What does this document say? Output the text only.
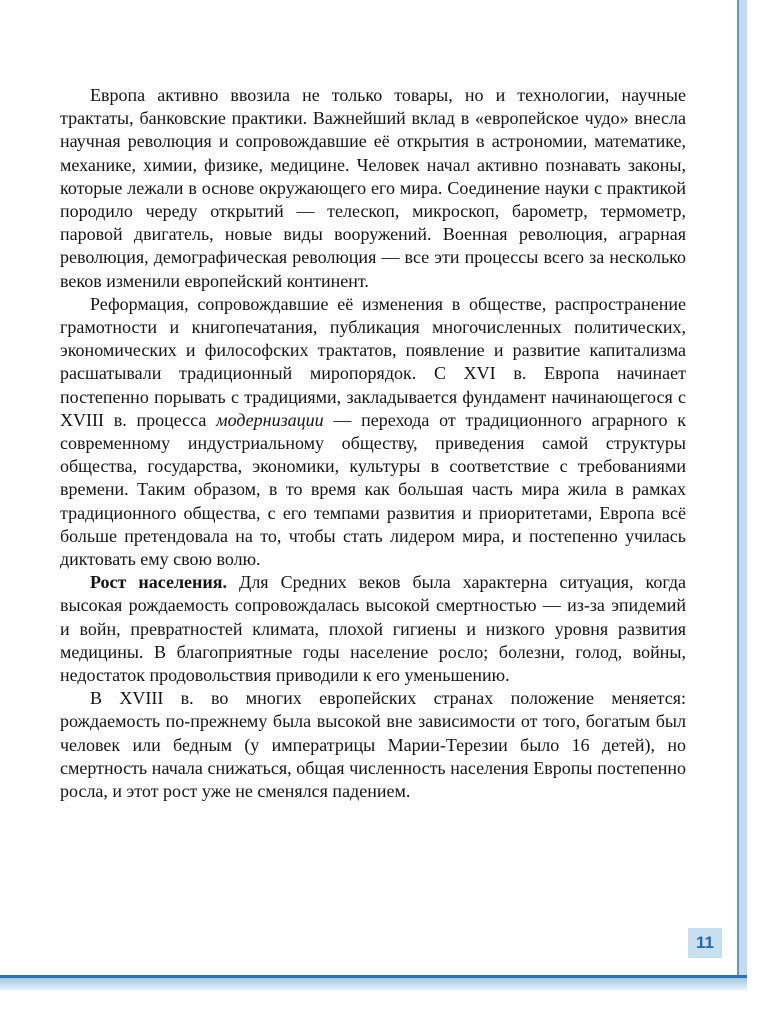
Европа активно ввозила не только товары, но и технологии, научные трактаты, банковские практики. Важнейший вклад в «европейское чудо» внесла научная революция и сопровождавшие её открытия в астрономии, математике, механике, химии, физике, медицине. Человек начал активно познавать законы, которые лежали в основе окружающего его мира. Соединение науки с практикой породило череду открытий — телескоп, микроскоп, барометр, термометр, паровой двигатель, новые виды вооружений. Военная революция, аграрная революция, демографическая революция — все эти процессы всего за несколько веков изменили европейский континент.

Реформация, сопровождавшие её изменения в обществе, распространение грамотности и книгопечатания, публикация многочисленных политических, экономических и философских трактатов, появление и развитие капитализма расшатывали традиционный миропорядок. С XVI в. Европа начинает постепенно порывать с традициями, закладывается фундамент начинающегося с XVIII в. процесса модернизации — перехода от традиционного аграрного к современному индустриальному обществу, приведения самой структуры общества, государства, экономики, культуры в соответствие с требованиями времени. Таким образом, в то время как большая часть мира жила в рамках традиционного общества, с его темпами развития и приоритетами, Европа всё больше претендовала на то, чтобы стать лидером мира, и постепенно училась диктовать ему свою волю.

Рост населения. Для Средних веков была характерна ситуация, когда высокая рождаемость сопровождалась высокой смертностью — из-за эпидемий и войн, превратностей климата, плохой гигиены и низкого уровня развития медицины. В благоприятные годы население росло; болезни, голод, войны, недостаток продовольствия приводили к его уменьшению.

В XVIII в. во многих европейских странах положение меняется: рождаемость по-прежнему была высокой вне зависимости от того, богатым был человек или бедным (у императрицы Марии-Терезии было 16 детей), но смертность начала снижаться, общая численность населения Европы постепенно росла, и этот рост уже не сменялся падением.

11
